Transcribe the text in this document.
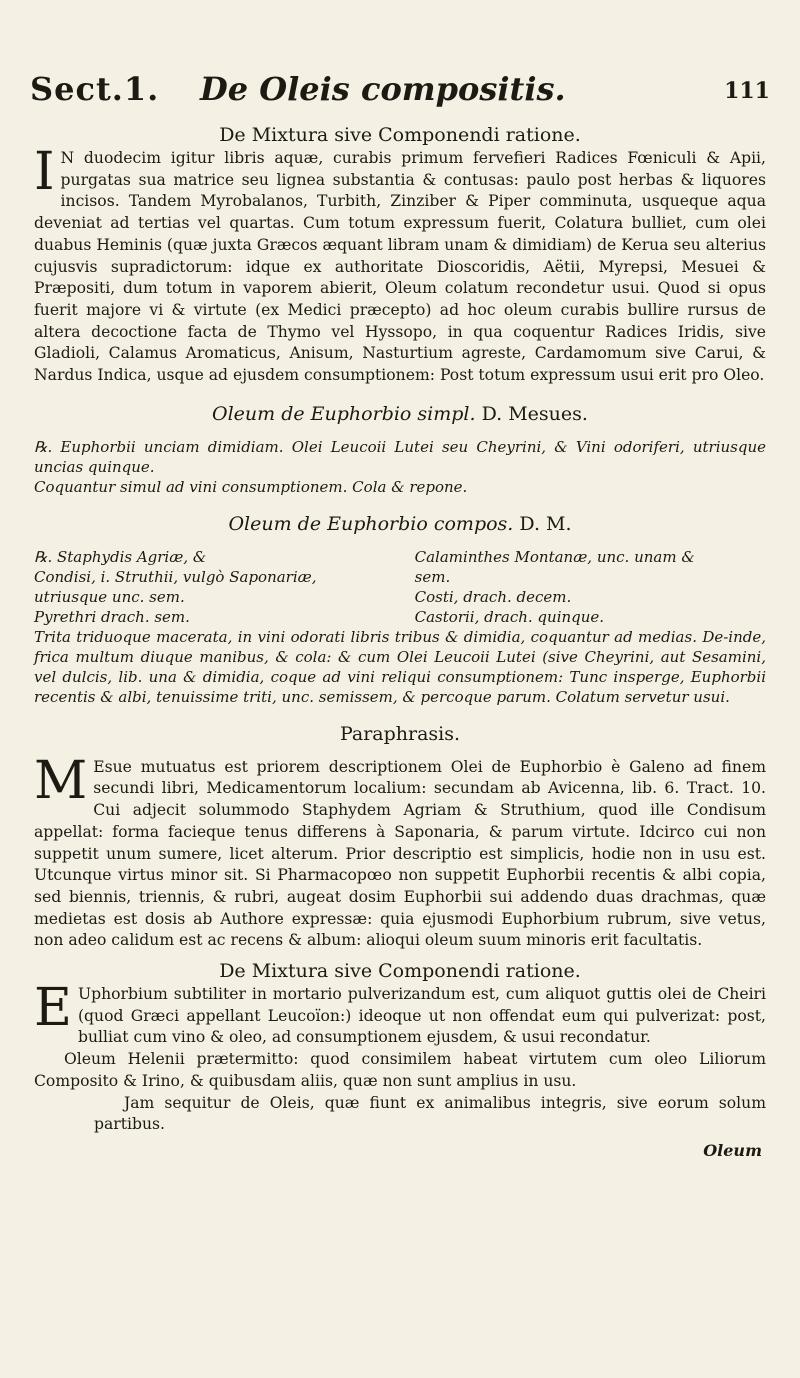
Sect.1. De Oleis compositis.	111
De Mixtura sive Componendi ratione.

I N duodecim igitur libris aquæ, curabis primum fervefieri Radices Fœniculi & Apii, purgatas sua matrice seu lignea substantia & contusas: paulo post herbas & liquores incisos. Tandem Myrobalanos, Turbith, Zinziber & Piper comminuta, usqueque aqua deveniat ad tertias vel quartas. Cum totum expressum fuerit, Colatura bulliet, cum olei duabus Heminis (quæ juxta Græcos æquant libram unam & dimidiam) de Kerua seu alterius cujusvis supradictorum: idque ex authoritate Dioscoridis, Aëtii, Myrepsi, Mesuei & Præpositi, dum totum in vaporem abierit, Oleum colatum recondetur usui. Quod si opus fuerit majore vi & virtute (ex Medici præcepto) ad hoc oleum curabis bullire rursus de altera decoctione facta de Thymo vel Hyssopo, in qua coquentur Radices Iridis, sive Gladioli, Calamus Aromaticus, Anisum, Nasturtium agreste, Cardamomum sive Carui, & Nardus Indica, usque ad ejusdem consumptionem: Post totum expressum usui erit pro Oleo.

Oleum de Euphorbio simpl. D. Mesues.

℞. Euphorbii unciam dimidiam. Olei Leucoii Lutei seu Cheyrini, & Vini odoriferi, utriusque uncias quinque.

Coquantur simul ad vini consumptionem. Cola & repone.

Oleum de Euphorbio compos. D. M.
℞. Staphydis Agriæ, &
Condisi, i. Struthii, vulgò Saponariæ,
utriusque unc. sem.
Pyrethri drach. sem.
Calaminthes Montanæ, unc. unam &
sem.
Costi, drach. decem.
Castorii, drach. quinque.

Trita triduoque macerata, in vini odorati libris tribus & dimidia, coquantur ad medias. De-inde, frica multum diuque manibus, & cola: & cum Olei Leucoii Lutei (sive Cheyrini, aut Sesamini, vel dulcis, lib. una & dimidia, coque ad vini reliqui consumptionem: Tunc insperge, Euphorbii recentis & albi, tenuissime triti, unc. semissem, & percoque parum. Colatum servetur usui.

Paraphrasis.

M Esue mutuatus est priorem descriptionem Olei de Euphorbio è Galeno ad finem secundi libri, Medicamentorum localium: secundam ab Avicenna, lib. 6. Tract. 10. Cui adjecit solummodo Staphydem Agriam & Struthium, quod ille Condisum appellat: forma facieque tenus differens à Saponaria, & parum virtute. Idcirco cui non suppetit unum sumere, licet alterum. Prior descriptio est simplicis, hodie non in usu est. Utcunque virtus minor sit. Si Pharmacopœo non suppetit Euphorbii recentis & albi copia, sed biennis, triennis, & rubri, augeat dosim Euphorbii sui addendo duas drachmas, quæ medietas est dosis ab Authore expressæ: quia ejusmodi Euphorbium rubrum, sive vetus, non adeo calidum est ac recens & album: alioqui oleum suum minoris erit facultatis.

De Mixtura sive Componendi ratione.

E Uphorbium subtiliter in mortario pulverizandum est, cum aliquot guttis olei de Cheiri (quod Græci appellant Leucoïon:) ideoque ut non offendat eum qui pulverizat: post, bulliat cum vino & oleo, ad consumptionem ejusdem, & usui recondatur.

Oleum Helenii prætermitto: quod consimilem habeat virtutem cum oleo Liliorum Composito & Irino, & quibusdam aliis, quæ non sunt amplius in usu.

Jam sequitur de Oleis, quæ fiunt ex animalibus integris, sive eorum solum partibus.

Oleum
